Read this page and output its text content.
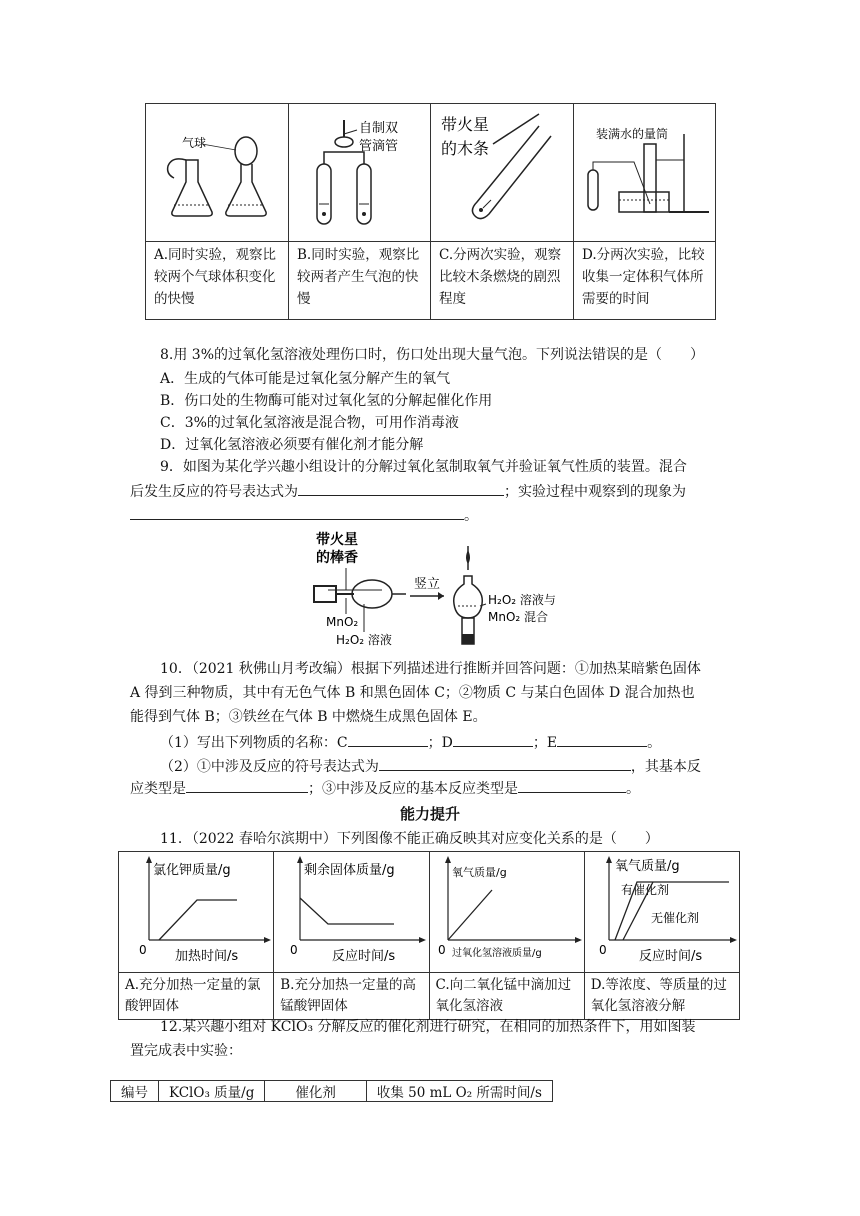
气球	自制双
管滴管	带火星
的木条	装满水的量筒

A.同时实验，观察比较两个气球体积变化的快慢	B.同时实验，观察比较两者产生气泡的快慢	C.分两次实验，观察比较木条燃烧的剧烈程度	D.分两次实验，比较收集一定体积气体所需要的时间
8.用 3%的过氧化氢溶液处理伤口时，伤口处出现大量气泡。下列说法错误的是（　　）
A．生成的气体可能是过氧化氢分解产生的氧气
B．伤口处的生物酶可能对过氧化氢的分解起催化作用
C．3%的过氧化氢溶液是混合物，可用作消毒液
D．过氧化氢溶液必须要有催化剂才能分解
9．如图为某化学兴趣小组设计的分解过氧化氢制取氧气并验证氧气性质的装置。混合
后发生反应的符号表达式为	；实验过程中观察到的现象为
。
带火星
的棒香
MnO₂
H₂O₂ 溶液
竖立
H₂O₂ 溶液与
MnO₂ 混合
10．（2021 秋佛山月考改编）根据下列描述进行推断并回答问题：①加热某暗紫色固体
A 得到三种物质，其中有无色气体 B 和黑色固体 C；②物质 C 与某白色固体 D 混合加热也
能得到气体 B；③铁丝在气体 B 中燃烧生成黑色固体 E。
（1）写出下列物质的名称：C	；D	；E	。
（2）①中涉及反应的符号表达式为	，其基本反
应类型是	；③中涉及反应的基本反应类型是	。
能力提升
11．（2022 春哈尔滨期中）下列图像不能正确反映其对应变化关系的是（　　）
氯化钾质量/g
加热时间/s
0	剩余固体质量/g
反应时间/s
0	氧气质量/g
过氧化氢溶液质量/g
0	氧气质量/g
反应时间/s
0
有催化剂
无催化剂

A.充分加热一定量的氯酸钾固体	B.充分加热一定量的高锰酸钾固体	C.向二氧化锰中滴加过氧化氢溶液	D.等浓度、等质量的过氧化氢溶液分解
12.某兴趣小组对 KClO₃ 分解反应的催化剂进行研究，在相同的加热条件下，用如图装
置完成表中实验：
编号	KClO₃ 质量/g	催化剂	收集 50 mL O₂ 所需时间/s
